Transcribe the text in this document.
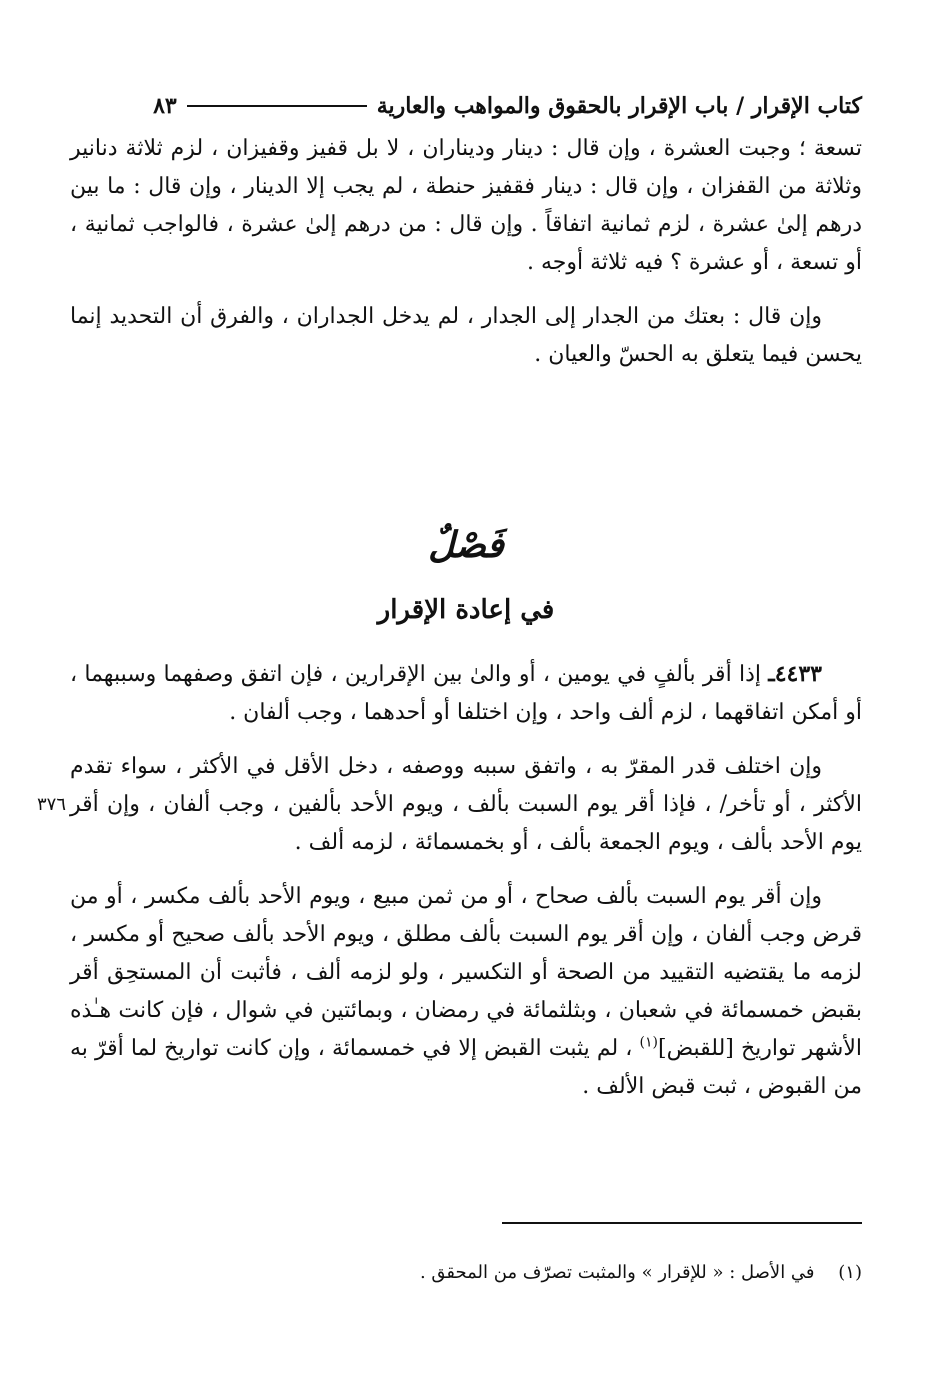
كتاب الإقرار / باب الإقرار بالحقوق والمواهب والعارية
٨٣

تسعة ؛ وجبت العشرة ، وإن قال : دينار وديناران ، لا بل قفيز وقفيزان ، لزم ثلاثة دنانير وثلاثة من القفزان ، وإن قال : دينار فقفيز حنطة ، لم يجب إلا الدينار ، وإن قال : ما بين درهم إلىٰ عشرة ، لزم ثمانية اتفاقاً . وإن قال : من درهم إلىٰ عشرة ، فالواجب ثمانية ، أو تسعة ، أو عشرة ؟ فيه ثلاثة أوجه .

وإن قال : بعتك من الجدار إلى الجدار ، لم يدخل الجداران ، والفرق أن التحديد إنما يحسن فيما يتعلق به الحسّ والعيان .

فَصْلٌ
في إعادة الإقرار

٤٤٣٣ـ إذا أقر بألفٍ في يومين ، أو والىٰ بين الإقرارين ، فإن اتفق وصفهما وسببهما ، أو أمكن اتفاقهما ، لزم ألف واحد ، وإن اختلفا أو أحدهما ، وجب ألفان .

وإن اختلف قدر المقرّ به ، واتفق سببه ووصفه ، دخل الأقل في الأكثر ، سواء تقدم الأكثر ، أو تأخر/ ، فإذا أقر يوم السبت بألف ، ويوم الأحد بألفين ، وجب ألفان ، وإن أقر يوم الأحد بألف ، ويوم الجمعة بألف ، أو بخمسمائة ، لزمه ألف .

وإن أقر يوم السبت بألف صحاح ، أو من ثمن مبيع ، ويوم الأحد بألف مكسر ، أو من قرض وجب ألفان ، وإن أقر يوم السبت بألف مطلق ، ويوم الأحد بألف صحيح أو مكسر ، لزمه ما يقتضيه التقييد من الصحة أو التكسير ، ولو لزمه ألف ، فأثبت أن المستحِق أقر بقبض خمسمائة في شعبان ، وبثلثمائة في رمضان ، وبمائتين في شوال ، فإن كانت هـٰذه الأشهر تواريخ [للقبض]$^{(١)}$ ، لم يثبت القبض إلا في خمسمائة ، وإن كانت تواريخ لما أقرّ به من القبوض ، ثبت قبض الألف .

(١) في الأصل : « للإقرار » والمثبت تصرّف من المحقق .
٣٧٦
